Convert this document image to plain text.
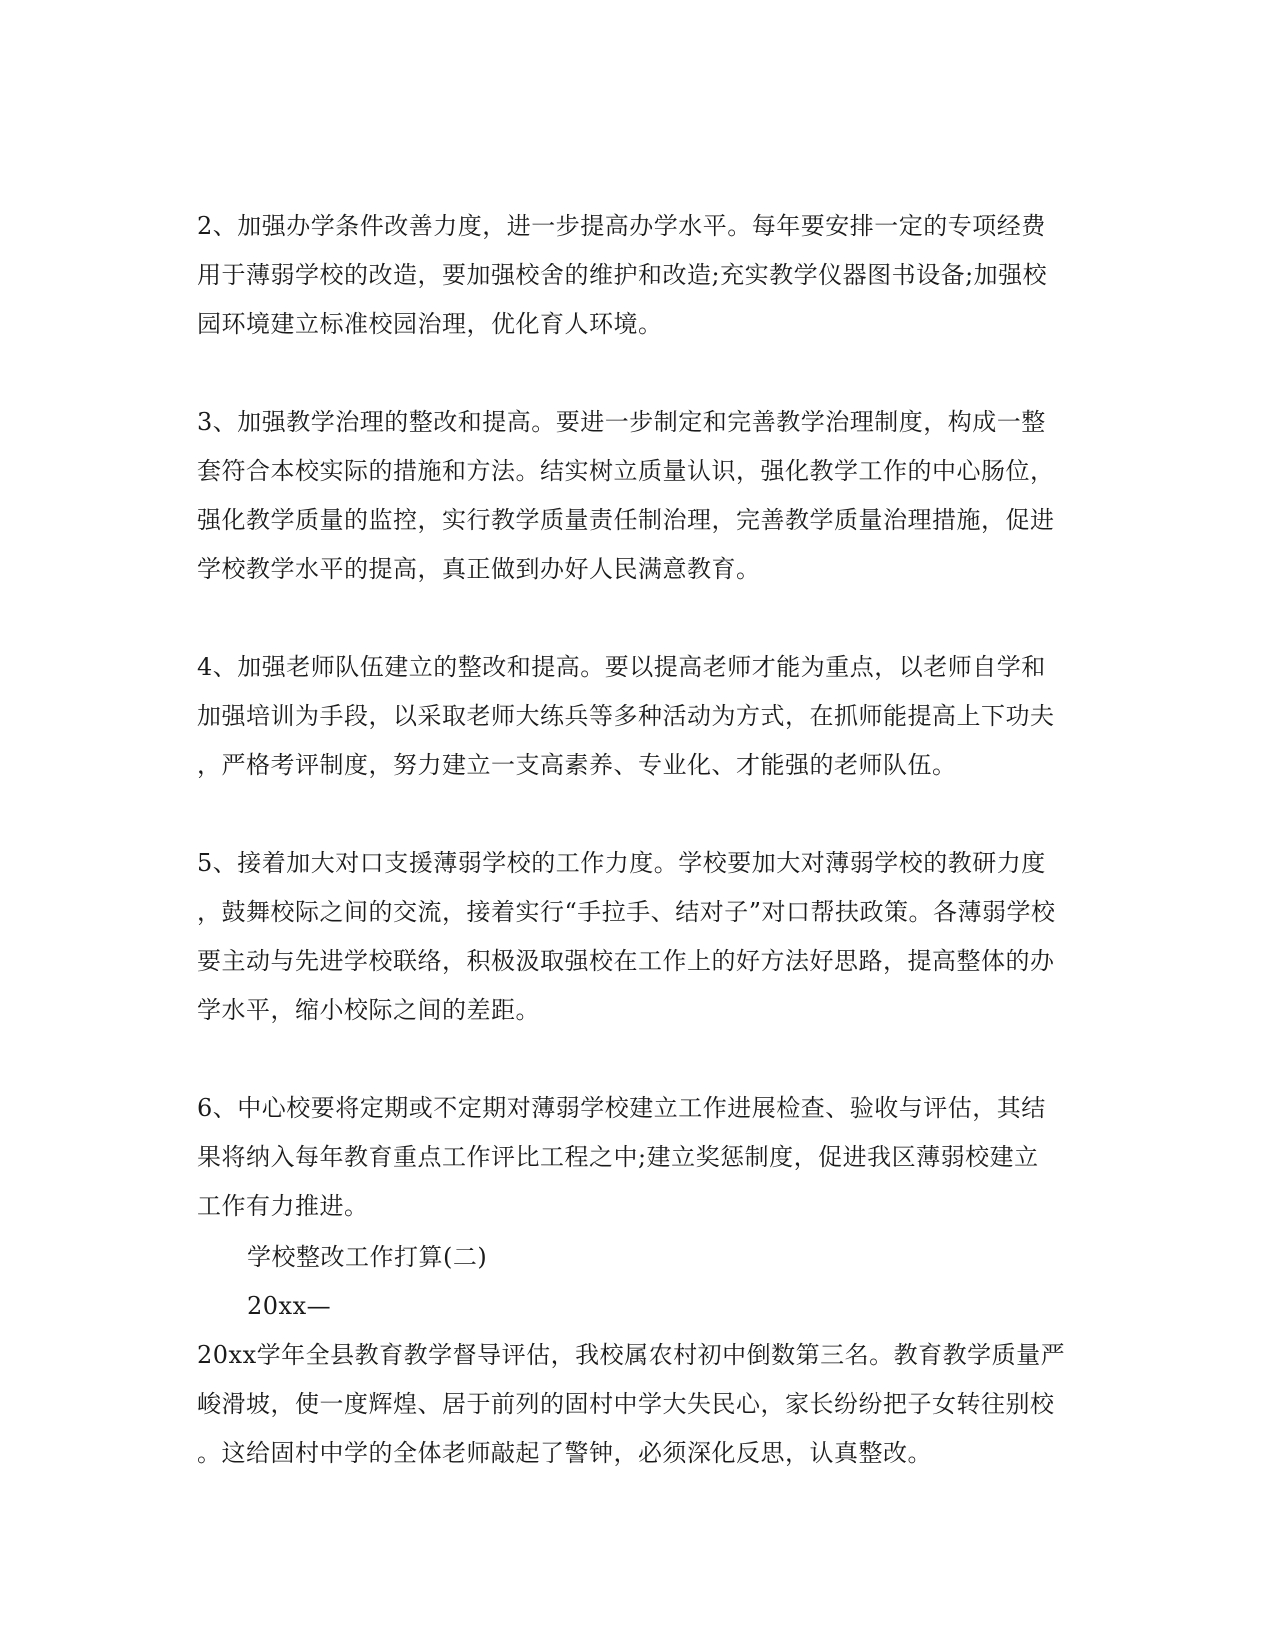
2、加强办学条件改善力度，进一步提高办学水平。每年要安排一定的专项经费
用于薄弱学校的改造，要加强校舍的维护和改造;充实教学仪器图书设备;加强校
园环境建立标准校园治理，优化育人环境。
3、加强教学治理的整改和提高。要进一步制定和完善教学治理制度，构成一整
套符合本校实际的措施和方法。结实树立质量认识，强化教学工作的中心肠位，
强化教学质量的监控，实行教学质量责任制治理，完善教学质量治理措施，促进
学校教学水平的提高，真正做到办好人民满意教育。
4、加强老师队伍建立的整改和提高。要以提高老师才能为重点，以老师自学和
加强培训为手段，以采取老师大练兵等多种活动为方式，在抓师能提高上下功夫
，严格考评制度，努力建立一支高素养、专业化、才能强的老师队伍。
5、接着加大对口支援薄弱学校的工作力度。学校要加大对薄弱学校的教研力度
，鼓舞校际之间的交流，接着实行“手拉手、结对子”对口帮扶政策。各薄弱学校
要主动与先进学校联络，积极汲取强校在工作上的好方法好思路，提高整体的办
学水平，缩小校际之间的差距。
6、中心校要将定期或不定期对薄弱学校建立工作进展检查、验收与评估，其结
果将纳入每年教育重点工作评比工程之中;建立奖惩制度，促进我区薄弱校建立
工作有力推进。
学校整改工作打算(二)
20xx—
20xx学年全县教育教学督导评估，我校属农村初中倒数第三名。教育教学质量严
峻滑坡，使一度辉煌、居于前列的固村中学大失民心，家长纷纷把子女转往别校
。这给固村中学的全体老师敲起了警钟，必须深化反思，认真整改。
